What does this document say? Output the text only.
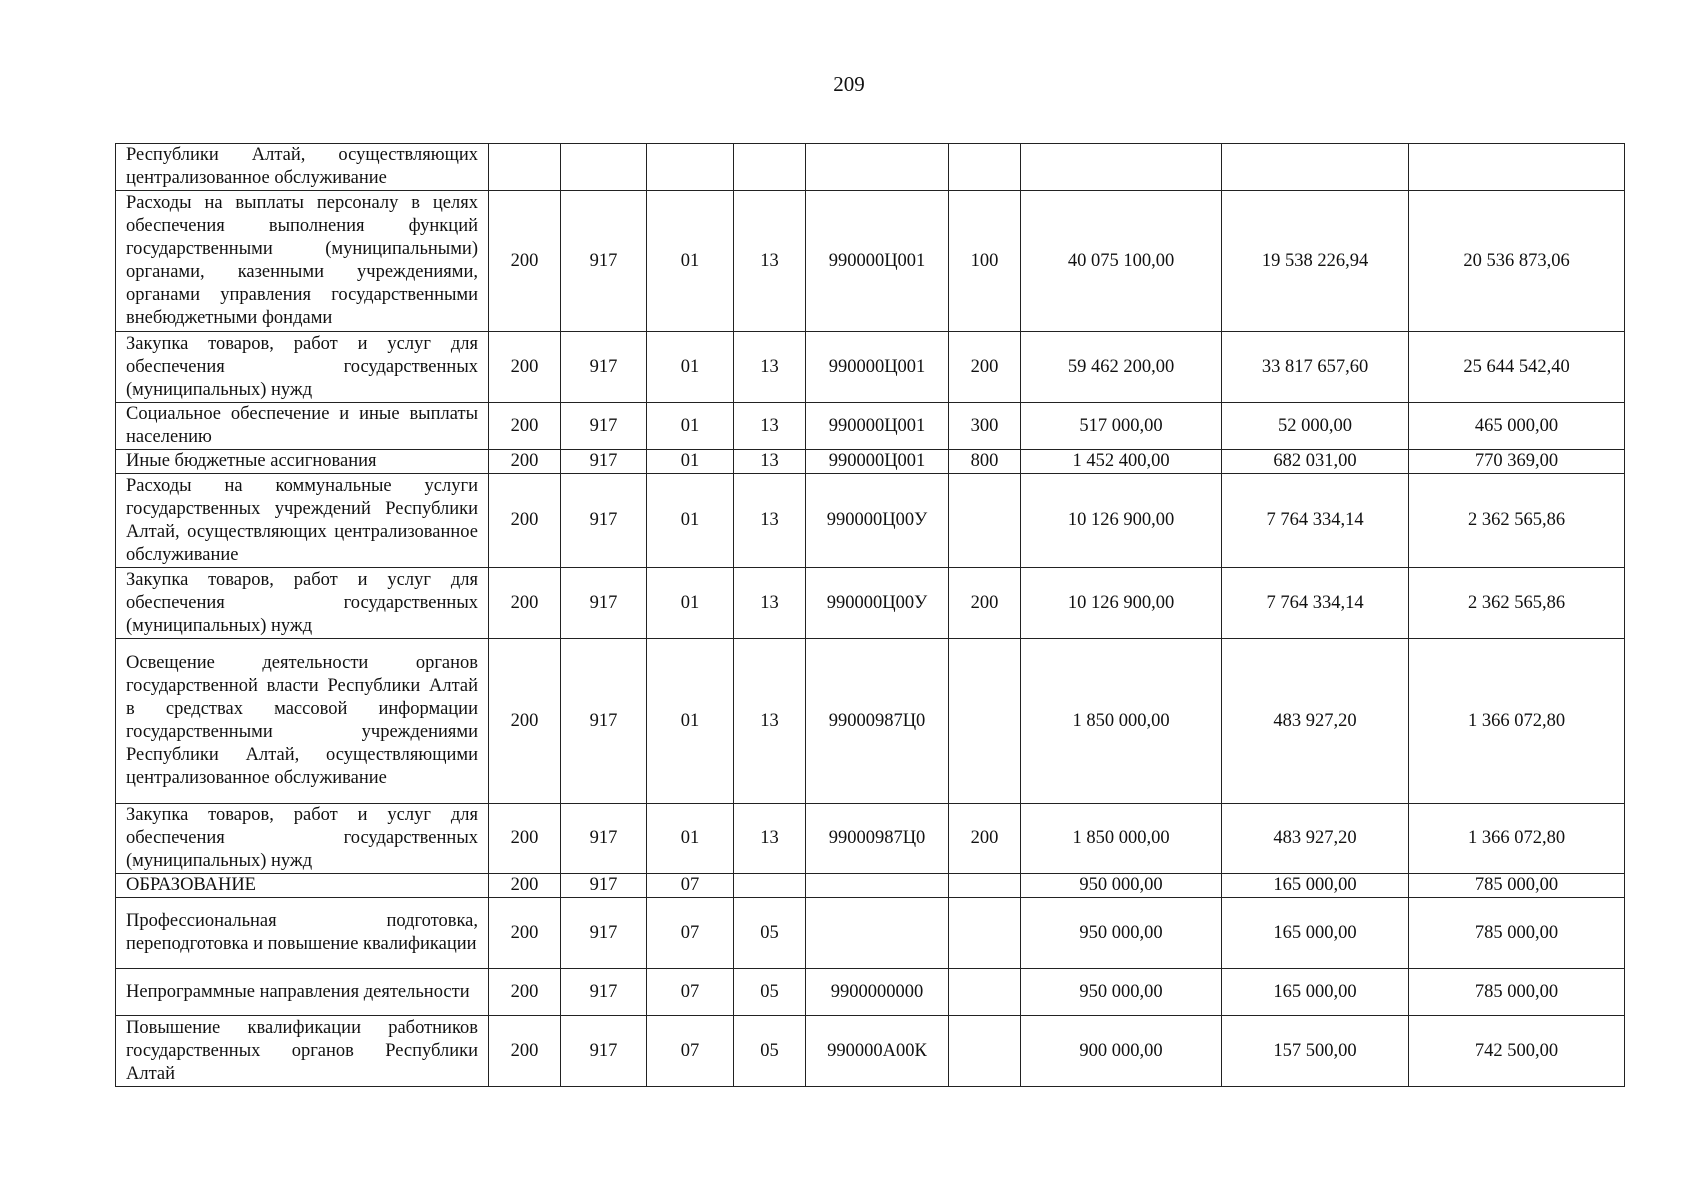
209
Республики Алтай, осуществляющих централизованное обслуживание									
Расходы на выплаты персоналу в целях обеспечения выполнения функций государственными (муниципальными) органами, казенными учреждениями, органами управления государственными внебюджетными фондами	200	917	01	13	990000Ц001	100	40 075 100,00	19 538 226,94	20 536 873,06
Закупка товаров, работ и услуг для обеспечения государственных (муниципальных) нужд	200	917	01	13	990000Ц001	200	59 462 200,00	33 817 657,60	25 644 542,40
Социальное обеспечение и иные выплаты населению	200	917	01	13	990000Ц001	300	517 000,00	52 000,00	465 000,00
Иные бюджетные ассигнования	200	917	01	13	990000Ц001	800	1 452 400,00	682 031,00	770 369,00
Расходы на коммунальные услуги государственных учреждений Республики Алтай, осуществляющих централизованное обслуживание	200	917	01	13	990000Ц00У		10 126 900,00	7 764 334,14	2 362 565,86
Закупка товаров, работ и услуг для обеспечения государственных (муниципальных) нужд	200	917	01	13	990000Ц00У	200	10 126 900,00	7 764 334,14	2 362 565,86
Освещение деятельности органов государственной власти Республики Алтай в средствах массовой информации государственными учреждениями Республики Алтай, осуществляющими централизованное обслуживание	200	917	01	13	99000987Ц0		1 850 000,00	483 927,20	1 366 072,80
Закупка товаров, работ и услуг для обеспечения государственных (муниципальных) нужд	200	917	01	13	99000987Ц0	200	1 850 000,00	483 927,20	1 366 072,80
ОБРАЗОВАНИЕ	200	917	07				950 000,00	165 000,00	785 000,00
Профессиональная подготовка, переподготовка и повышение квалификации	200	917	07	05			950 000,00	165 000,00	785 000,00
Непрограммные направления деятельности	200	917	07	05	9900000000		950 000,00	165 000,00	785 000,00
Повышение квалификации работников государственных органов Республики Алтай	200	917	07	05	990000А00К		900 000,00	157 500,00	742 500,00
